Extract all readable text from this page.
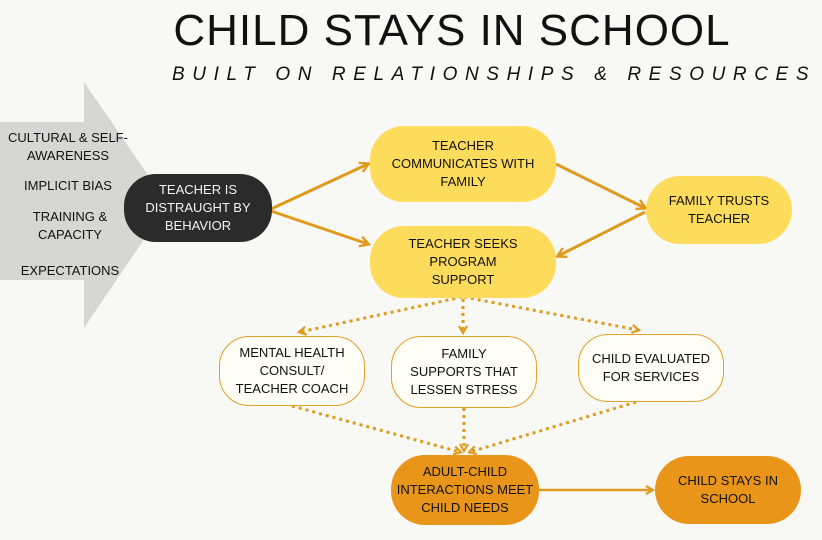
CHILD STAYS IN SCHOOL
BUILT ON RELATIONSHIPS & RESOURCES
CULTURAL & SELF-AWARENESS
IMPLICIT BIAS
TRAINING & CAPACITY
EXPECTATIONS
TEACHER IS DISTRAUGHT BY BEHAVIOR
TEACHER COMMUNICATES WITH FAMILY
TEACHER SEEKS PROGRAM SUPPORT
FAMILY TRUSTS TEACHER
MENTAL HEALTH CONSULT/ TEACHER COACH
FAMILY SUPPORTS THAT LESSEN STRESS
CHILD EVALUATED FOR SERVICES
ADULT-CHILD INTERACTIONS MEET CHILD NEEDS
CHILD STAYS IN SCHOOL
